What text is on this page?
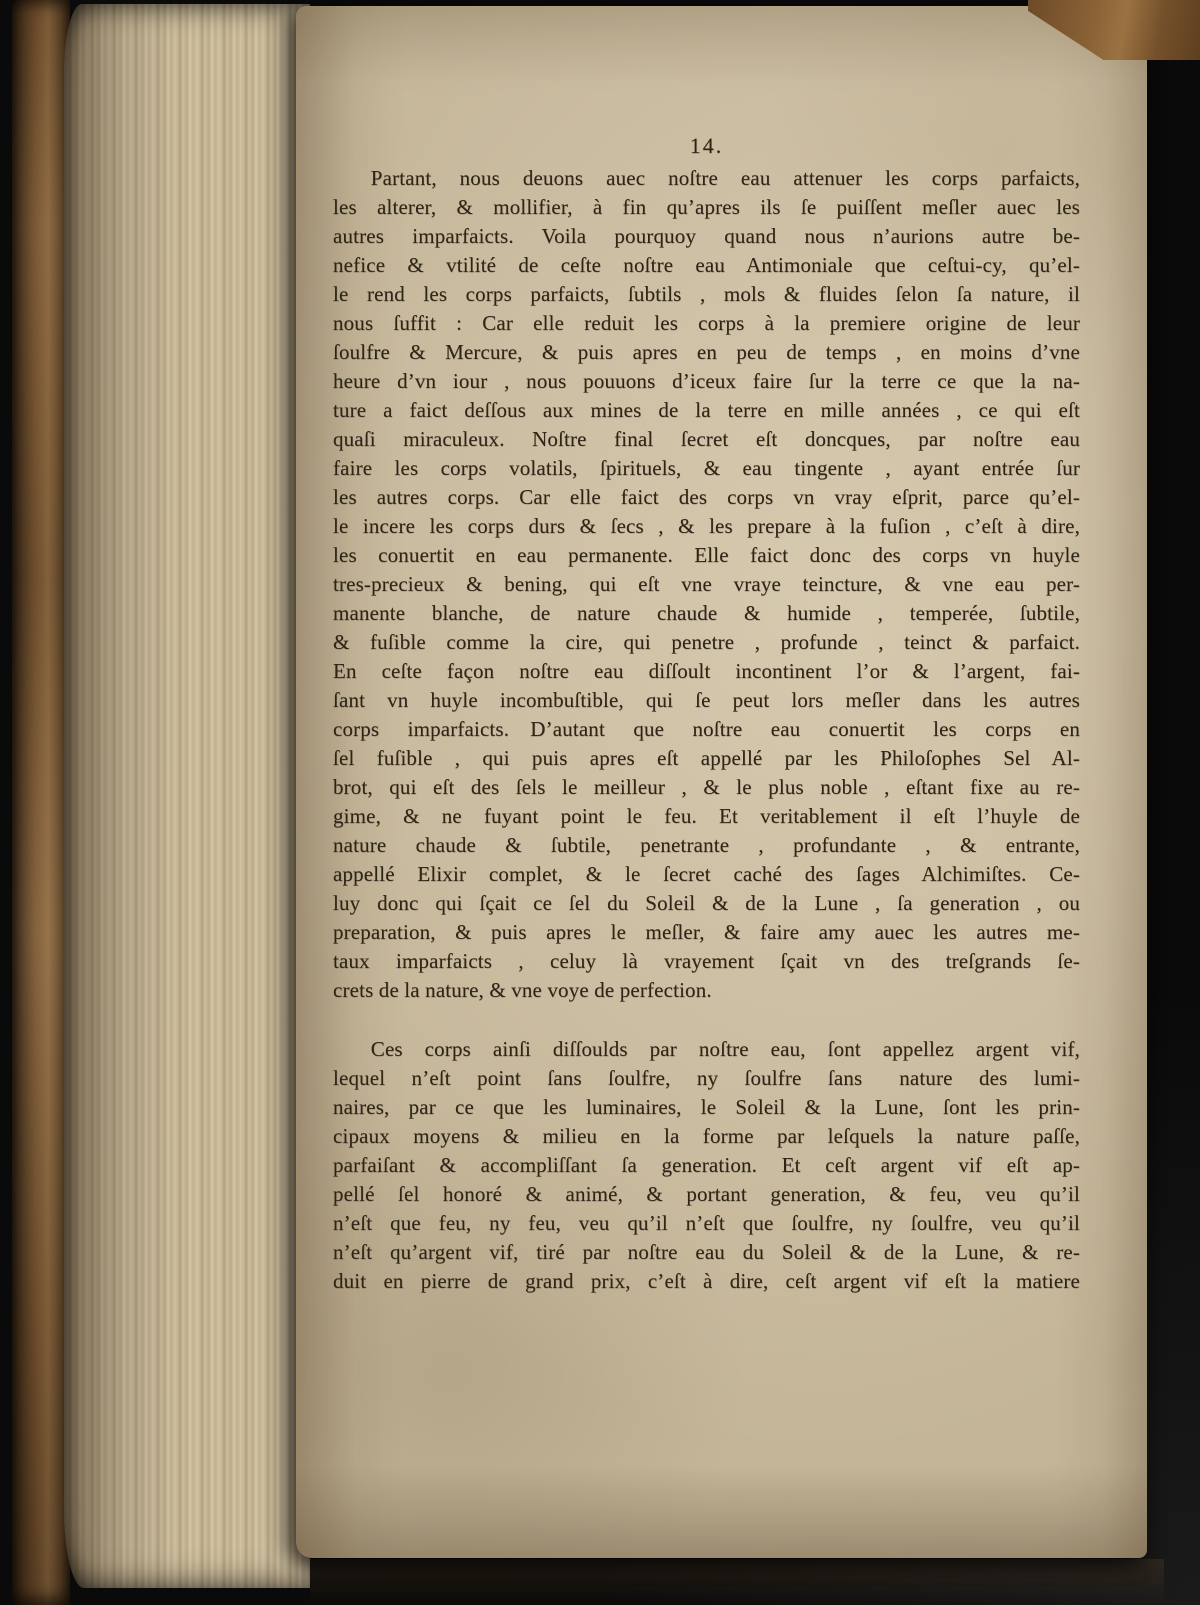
14.
Partant, nous deuons auec noſtre eau attenuer les corps parfaicts,
les alterer, & mollifier, à fin qu’apres ils ſe puiſſent meſler auec les
autres imparfaicts. Voila pourquoy quand nous n’aurions autre be-
nefice & vtilité de ceſte noſtre eau Antimoniale que ceſtui-cy, qu’el-
le rend les corps parfaicts, ſubtils , mols & fluides ſelon ſa nature, il
nous ſuffit : Car elle reduit les corps à la premiere origine de leur
ſoulfre & Mercure, & puis apres en peu de temps , en moins d’vne
heure d’vn iour , nous pouuons d’iceux faire ſur la terre ce que la na-
ture a faict deſſous aux mines de la terre en mille années , ce qui eſt
quaſi miraculeux. Noſtre final ſecret eſt doncques, par noſtre eau
faire les corps volatils, ſpirituels, & eau tingente , ayant entrée ſur
les autres corps. Car elle faict des corps vn vray eſprit, parce qu’el-
le incere les corps durs & ſecs , & les prepare à la fuſion , c’eſt à dire,
les conuertit en eau permanente. Elle faict donc des corps vn huyle
tres-precieux & bening, qui eſt vne vraye teincture, & vne eau per-
manente blanche, de nature chaude & humide , temperée, ſubtile,
& fuſible comme la cire, qui penetre , profunde , teinct & parfaict.
En ceſte façon noſtre eau diſſoult incontinent l’or & l’argent, fai-
ſant vn huyle incombuſtible, qui ſe peut lors meſler dans les autres
corps imparfaicts. D’autant que noſtre eau conuertit les corps en
ſel fuſible , qui puis apres eſt appellé par les Philoſophes Sel Al-
brot, qui eſt des ſels le meilleur , & le plus noble , eſtant fixe au re-
gime, & ne fuyant point le feu. Et veritablement il eſt l’huyle de
nature chaude & ſubtile, penetrante , profundante , & entrante,
appellé Elixir complet, & le ſecret caché des ſages Alchimiſtes. Ce-
luy donc qui ſçait ce ſel du Soleil & de la Lune , ſa generation , ou
preparation, & puis apres le meſler, & faire amy auec les autres me-
taux imparfaicts , celuy là vrayement ſçait vn des treſgrands ſe-
crets de la nature, & vne voye de perfection.
Ces corps ainſi diſſoulds par noſtre eau, ſont appellez argent vif,
lequel n’eſt point ſans ſoulfre, ny ſoulfre ſans  nature des lumi-
naires, par ce que les luminaires, le Soleil & la Lune, ſont les prin-
cipaux moyens & milieu en la forme par leſquels la nature paſſe,
parfaiſant & accompliſſant ſa generation. Et ceſt argent vif eſt ap-
pellé ſel honoré & animé, & portant generation, & feu, veu qu’il
n’eſt que feu, ny feu, veu qu’il n’eſt que ſoulfre, ny ſoulfre, veu qu’il
n’eſt qu’argent vif, tiré par noſtre eau du Soleil & de la Lune, & re-
duit en pierre de grand prix, c’eſt à dire, ceſt argent vif eſt la matiere
